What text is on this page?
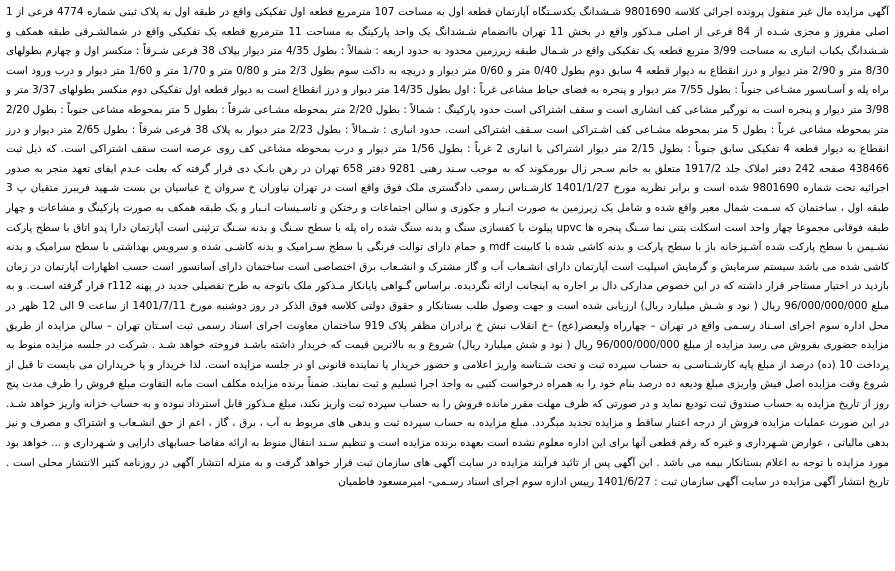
آگهی مزایده مال غیر منقول پرونده اجرائی کلاسه 9801690 شـشدانگ یکدسـتگاه آپارتمان قطعه اول به مساحت 107 مترمربع قطعه اول تفکیکی واقع در طبقه اول به پلاک ثبتی شماره 4774 فرعی از 1 اصلی مفروز و مجزی شـده از 84 فرعی از اصلی مـذکور واقع در بخش 11 تهران باانضمام شـشدانگ یک واحد پارکینگ به مساحت 11 مترمربع قطعه یک تفکیکی واقع در شمالشـرقی طبقه همکف و شـشدانگ یکباب انباری به مساحت 3/99 متربع قطعه یک تفکیکی واقع در شـمال طبقه زیرزمین محدود به حدود اربعه : شمالاً : بطول 4/35 متر دیوار بپلاک 38 فرعی شـرقاً : منکسر اول و چهارم بطولهای 8/30 متر و 2/90 متر دیوار و درز انقطاع به دیوار قطعه 4 سابق دوم بطول 0/40 متر و 0/60 متر دیوار و دریچه به داکت سوم بطول 2/3 متر و 0/80 متر و 1/70 متر و 1/60 متر دیوار و درب ورود است براه پله و آسـانسور مشـاعی جنوباً : بطول 7/55 متر دیوار و پنجره به فضای حیاط مشاعی غرباً : اول بطول 14/35 متر دیوار و درز انقطاع است به دیوار قطعه اول تفکیکی دوم منکسر بطولهای 3/37 متر و 3/98 متر دیوار و پنجره است به نورگیر مشاعی کف انشاری است و سقف اشتراکی است حدود پارکینگ : شمالاً : بطول 2/20 متر بمحوطه مشـاعی شرقاً : بطول 5 متر بمحوطه مشاعی جنوباً : بطول 2/20 متر بمحوطه مشاعی غرباً : بطول 5 متر بمحوطه مشـاعی کف اشـتراکی است سـقف اشتراکی است. حدود انباری : شـمالاً : بطول 2/23 متر دیوار به پلاک 38 فرعی شرقاً : بطول 2/65 متر دیوار و درز انقطاع به دیوار قطعه 4 تفکیکی سابق جنوباً : بطول 2/15 متر دیوار اشتراکی با انباری 2 غرباً : بطول 1/56 متر دیوار و درب بمحوطه مشاعی کف روی عرصه است سقف اشتراکی است. که ذیل ثبت 438466 صفحه 242 دفتر املاک جلد 1917/2 متعلق به خانم سـحر زال بورمکوند که به موجب سـند رهنی 9281 دفتر 658 تهران در رهن بانـک دی قرار گرفته که بعلت عـدم ایفای تعهد منجر به صدور اجرائیه تحت شماره 9801690 شده است و برابر نظریه مورخ 1401/1/27 کارشـناس رسمی دادگستری ملک فوق واقع است در تهران نیاوران خ سروان خ عباسیان بن بست شـهید فریبرز متقیان پ 3 طبقه اول ، ساختمان که سـمت شمال معبر واقع شده و شامل یک زیرزمین به صورت انـبار و جکوزی و سالن اجتماعات و رختکن و تاسـیسات انـبار و یک طبقه همکف به صورت پارکینگ و مشاعات و چهار طبقه فوقانی مجموعا چهار واحد است اسکلت بتنی نما سـنگ پنجره ها upvc پیلوت با کفسازی سنگ و بدنه سنگ شده راه پله با سطح سـنگ و بدنه سـنگ تزئینی است آپارتمان دارا پدو اتاق با سطح پارکت نشـیمن با سطح پارکت شده آشـپزخانه باز با سطح پارکت و بدنه کاشی شده با کابینت mdf و حمام دارای توالت فرنگی با سطح سـرامیک و بدنه کاشـی شده و سرویس بهداشتی با سطح سرامیک و بدنه کاشی شده می باشد سیستم سرمایش و گرمایش اسپلیت است آپارتمان دارای انشـعاب آب و گاز مشترک و انشـعاب برق اختصاصی است ساختمان دارای آسانسور است حسب اظهارات آپارتمان در زمان بازدید در اختیار مستاجر قرار داشته که در این خصوص مدارکی دال بر اجاره به اینجانب ارائه نگردیده. براساس گـواهی پایانکار مـذکور ملک باتوجه به طرح تفصیلی جدید در پهنه r112 قرار گرفته اسـت. و به مبلغ 96/000/000/000 ریال ( نود و شـش میلیارد ریال) ارزیابی شده است و جهت وصول طلب بستانکار و حقوق دولتی کلاسه فوق الذکر در روز دوشنبه مورخ 1401/7/11 از ساعت 9 الی 12 ظهر در محل اداره سوم اجرای اسـناد رسـمی واقع در تهران – چهارراه ولیعصر(عج) –خ انقلاب نبش خ برادران مظفر پلاک 919 ساختمان معاونت اجرای اسناد رسمی ثبت اسـتان تهران – سالن مزایده از طریق مزایده حضوری بفروش می رسد مزایده از مبلغ 96/000/000/000 ریال ( نود و شش میلیارد ریال) شروع و به بالاترین قیمت که خریدار داشته باشـد فروخته خواهد شـد . شرکت در جلسه مزایده منوط به پرداخت 10 (ده) درصد از مبلغ پایه کارشـناسـی به حساب سپرده ثبت و تحت شـناسه واریز اعلامی و حضور خریدار یا نماینده قانونی او در جلسه مزایده است. لذا خریدار و یا خریداران می بایست تا قبل از شروع وقت مزایده اصل فیش واریزی مبلغ ودیعه ده درصد بنام خود را به همراه درخواست کتبی به واحد اجرا تسلیم و ثبت نمایند. ضمناً برنده مزایده مکلف است مابه التفاوت مبلغ فروش را ظرف مدت پنج روز از تاریخ مزایده به حساب صندوق ثبت تودیع نماید و در صورتی که ظرف مهلت مقرر مانده فروش را به حساب سپرده ثبت واریز نکند، مبلغ مـذکور قابل استرداد نبوده و به حساب خزانه واریز خواهد شـد. در این صورت عملیات مزایده فروش از درجه اعتبار ساقط و مزایده تجدید میگردد. مبلغ مزایده به حساب سپرده ثبت و بدهی های مربوط به آب ، برق ، گاز ، اعم از حق انشـعاب و اشتراک و مصرف و نیز بدهی مالیاتی ، عوارض شـهرداری و غیره که رقم قطعی آنها برای این اداره معلوم نشده است بعهده برنده مزایده است و تنظیم سـند انتقال منوط به ارائه مفاصا حسابهای دارایی و شـهرداری و ... خواهد بود مورد مزایده با توجه به اعلام بستانکار بیمه می باشد . این آگهی پس از تائید فرآیند مزایده در سایت آگهی های سازمان ثبت قرار خواهد گرفت و به منزله انتشار آگهی در روزنامه کثیر الانتشار محلی است . تاریخ انتشار آگهی مزایده در سایت آگهی سازمان ثبت : 1401/6/27 رییس اداره سوم اجرای اسناد رسـمی- امیرمسعود فاطمیان
